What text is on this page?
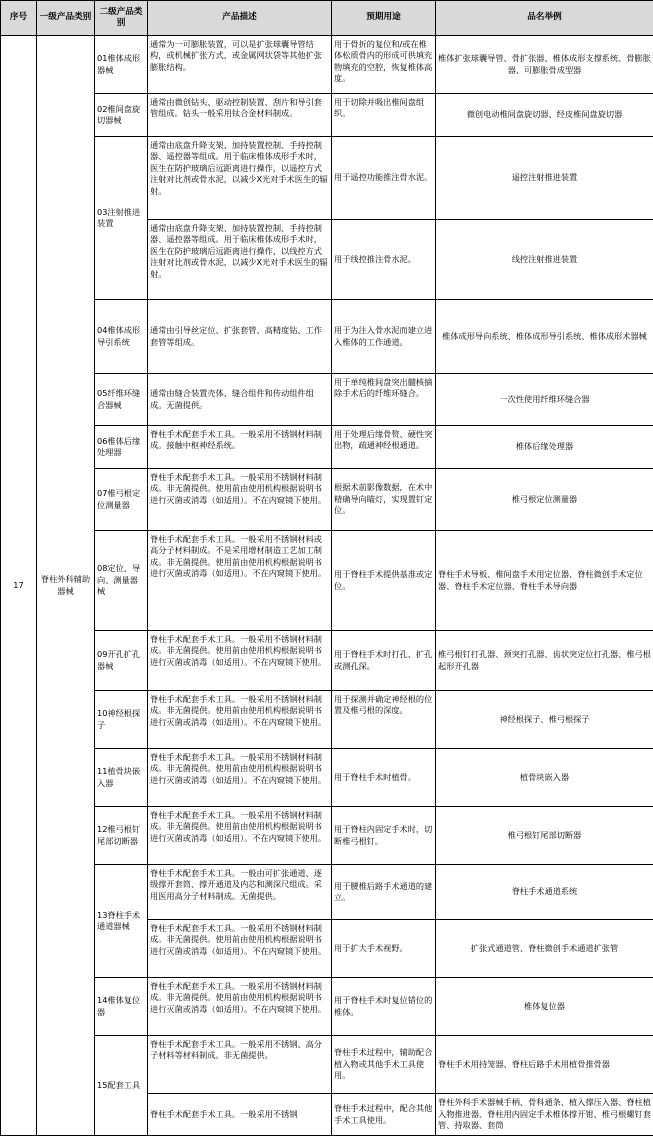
序号	一级产品类别	二级产品类别	产品描述	预期用途	品名举例
17	脊柱外科辅助器械	01椎体成形器械	通常为一可膨胀装置，可以是扩张球囊导管结构，或机械扩张方式，或金属网状袋等其他扩张膨胀结构。	用于骨折的复位和/或在椎体松质骨内的形成可供填充物填充的空腔，恢复椎体高度。	椎体扩张球囊导管、骨扩张器、椎体成形支撑系统、骨膨胀器、可膨胀骨成型器
		02椎间盘旋切器械	通常由微创钻头、驱动控制装置、刮片和导引套管组成。钻头一般采用钛合金材料制成。	用于切除并吸出椎间盘组织。	微创电动椎间盘旋切器、经皮椎间盘旋切器
		03注射推进装置	通常由底盘升降支架、加持装置控制、手持控制器、遥控器等组成。用于临床椎体成形手术时，医生在防护玻璃后远距离进行操作，以遥控方式注射对比剂或骨水泥，以减少X光对手术医生的辐射。	用于遥控功能推注骨水泥。	遥控注射推进装置
			通常由底盘升降支架、加持装置控制、手持控制器、遥控器等组成。用于临床椎体成形手术时，医生在防护玻璃后远距离进行操作，以线控方式注射对比剂或骨水泥，以减少X光对手术医生的辐射。	用于线控推注骨水泥。	线控注射推进装置
		04椎体成形导引系统	通常由引导丝定位、扩张套管、高精度钻、工作套管等组成。	用于为注入骨水泥而建立进入椎体的工作通道。	椎体成形导向系统、椎体成形导引系统、椎体成形术器械
		05纤维环缝合器械	通常由缝合装置壳体、缝合组件和传动组件组成。无菌提供。	用于单纯椎间盘突出髓核摘除手术后的纤维环缝合。	一次性使用纤维环缝合器
		06椎体后缘处理器	脊柱手术配套手术工具。一般采用不锈钢材料制成。接触中枢神经系统。	用于处理后缘骨赘、硬性突出物，疏通神经根通道。	椎体后缘处理器
		07椎弓根定位测量器	脊柱手术配套手术工具。一般采用不锈钢材料制成。非无菌提供。使用前由使用机构根据说明书进行灭菌或消毒（如适用）。不在内窥镜下使用。	根据术前影像数据，在术中精确导向瞄灯，实现置钉定位。	椎弓根定位测量器
		08定位、导向、测量器械	脊柱手术配套手术工具。一般采用不锈钢材料或高分子材料制成。不是采用增材制造工艺加工制成。非无菌提供。使用前由使用机构根据说明书进行灭菌或消毒（如适用）。不在内窥镜下使用。	用于脊柱手术提供基准或定位。	脊柱手术导板、椎间盘手术用定位器、脊柱微创手术定位器、脊柱手术定位器、脊柱手术导向器
		09开孔扩孔器械	脊柱手术配套手术工具。一般采用不锈钢材料制成。非无菌提供。使用前由使用机构根据说明书进行灭菌或消毒（如适用）。不在内窥镜下使用。	用于脊柱手术时打孔、扩孔或测孔深。	椎弓根钉打孔器、颈突打孔器、齿状突定位打孔器、椎弓根起形开孔器
		10神经根探子	脊柱手术配套手术工具。一般采用不锈钢材料制成。非无菌提供。使用前由使用机构根据说明书进行灭菌或消毒（如适用）。不在内窥镜下使用。	用于探测并确定神经根的位置及椎弓根的深度。	神经根探子、椎弓根探子
		11植骨块嵌入器	脊柱手术配套手术工具。一般采用不锈钢材料制成。非无菌提供。使用前由使用机构根据说明书进行灭菌或消毒（如适用）。不在内窥镜下使用。	用于脊柱手术时植骨。	植骨块嵌入器
		12椎弓根钉尾部切断器	脊柱手术配套手术工具。一般采用不锈钢材料制成。非无菌提供。使用前由使用机构根据说明书进行灭菌或消毒（如适用）。不在内窥镜下使用。	用于脊柱内固定手术时，切断椎弓根钉。	椎弓根钉尾部切断器
		13脊柱手术通道器械	脊柱手术配套手术工具。一般由可扩张通道、逐级撑开套筒、撑开通道及内芯和测深尺组成。采用医用高分子材料制成。无菌提供。	用于腰椎后路手术通道的建立。	脊柱手术通道系统
			脊柱手术配套手术工具。一般采用不锈钢材料制成。非无菌提供。使用前由使用机构根据说明书进行灭菌或消毒（如适用）。不在内窥镜下使用。	用于扩大手术视野。	扩张式通道管、脊柱微创手术通道扩张管
		14椎体复位器	脊柱手术配套手术工具。一般采用不锈钢材料制成。非无菌提供。使用前由使用机构根据说明书进行灭菌或消毒（如适用）。不在内窥镜下使用。	用于脊柱手术时复位错位的椎体。	椎体复位器
		15配套工具	脊柱手术配套手术工具。一般采用不锈钢、高分子材料等材料制成。非无菌提供。	脊柱手术过程中，辅助配合植入物或其他手术工具使用。	脊柱手术用持笼器、脊柱后路手术用植骨推骨器
			脊柱手术配套手术工具。一般采用不锈钢	脊柱手术过程中，配合其他手术工具使用。	脊柱外科手术器械手柄、骨科通条、植入撑压入器、脊柱植入物推进器、脊柱用内固定手术椎体撑开钳、椎弓根螺钉套管、持取器、套筒
